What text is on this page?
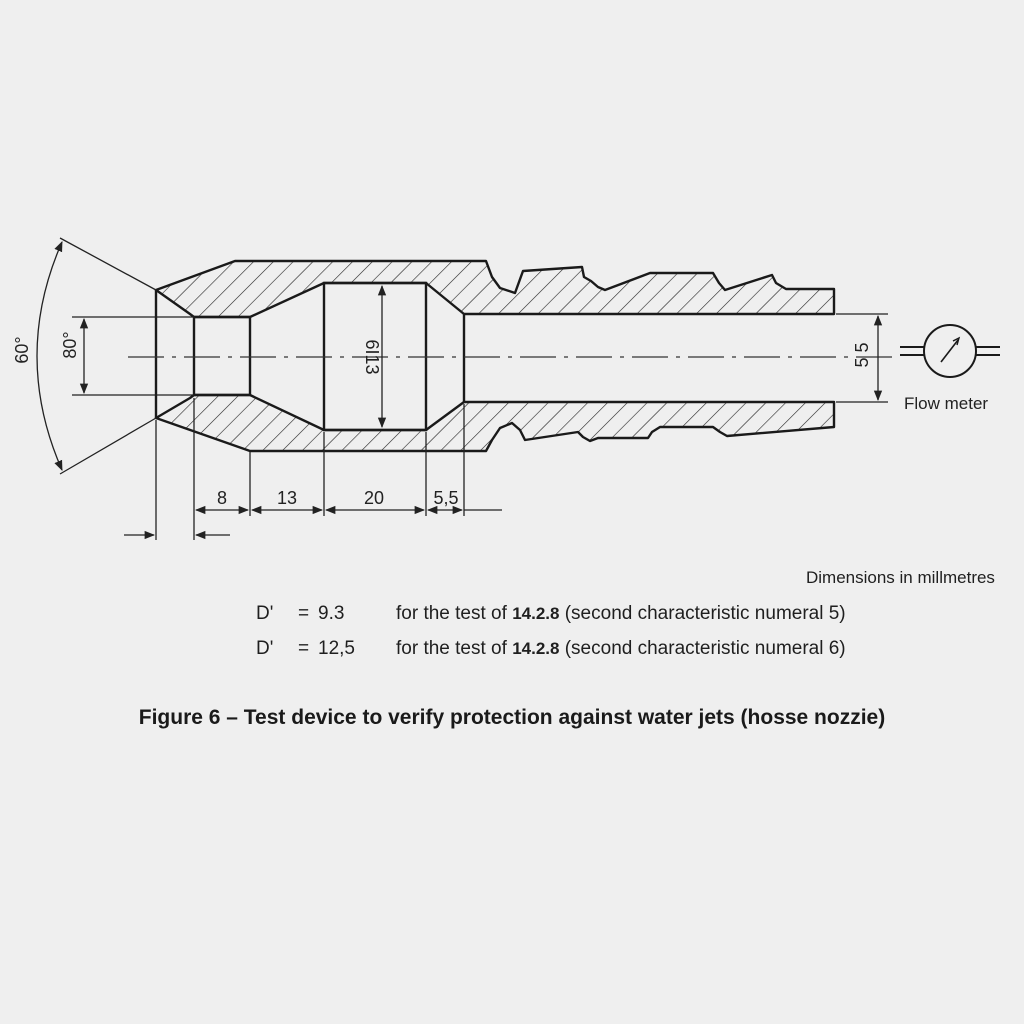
60° 80°	6I13	5 5
Flow meter
8	13	20	5,5
Dimensions in millmetres
D' = 9.3	for the test of 14.2.8 (second characteristic numeral 5)
D' = 12,5 for the test of 14.2.8 (second characteristic numeral 6)
Figure 6 – Test device to verify protection against water jets (hosse nozzie)
